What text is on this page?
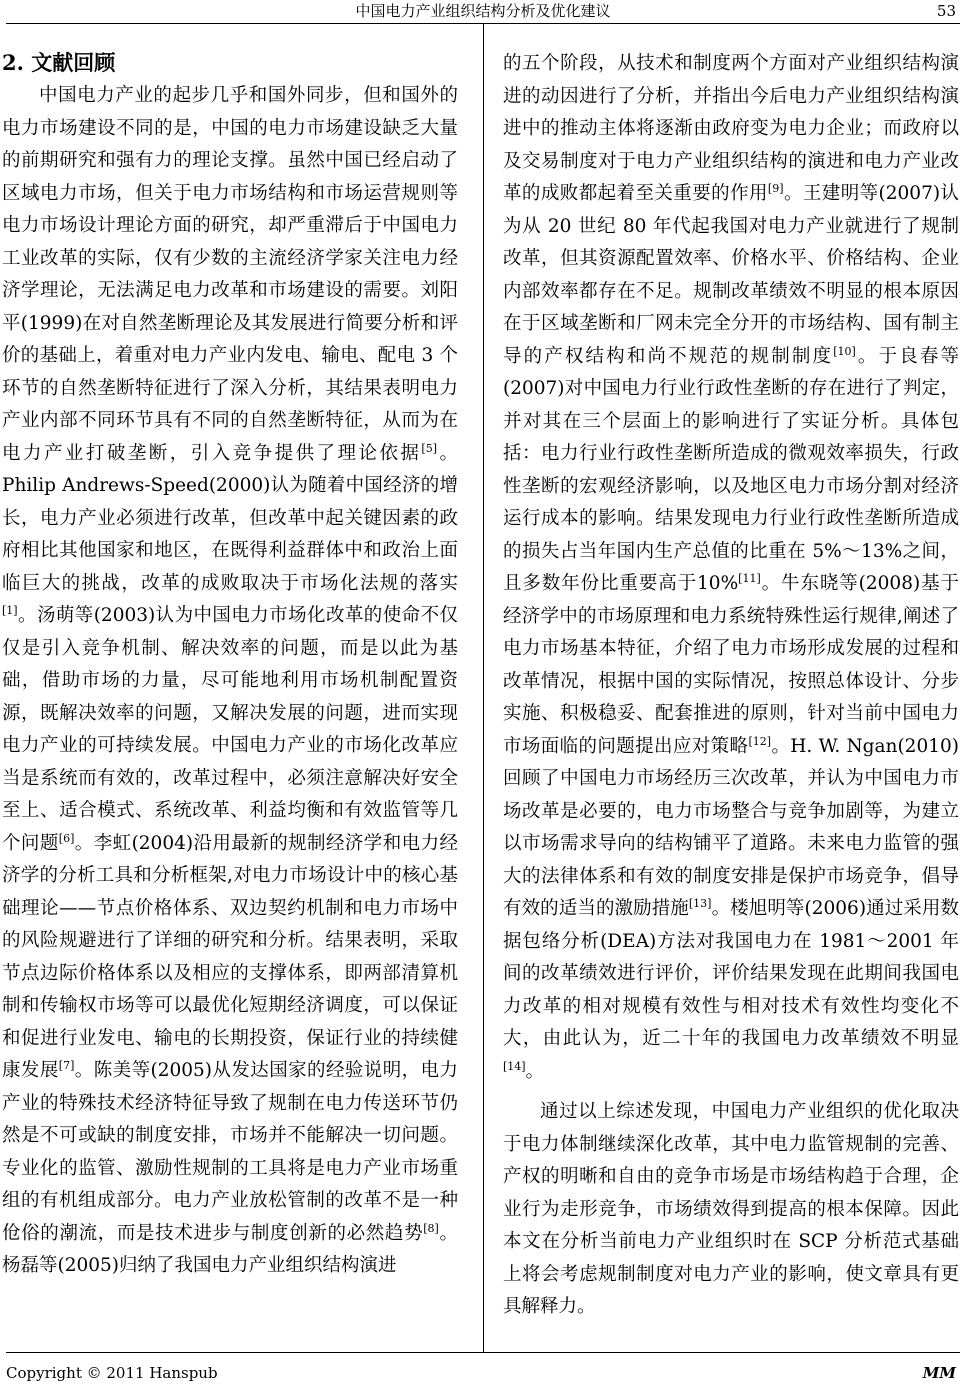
中国电力产业组织结构分析及优化建议	53
2. 文献回顾

中国电力产业的起步几乎和国外同步，但和国外的电力市场建设不同的是，中国的电力市场建设缺乏大量的前期研究和强有力的理论支撑。虽然中国已经启动了区域电力市场，但关于电力市场结构和市场运营规则等电力市场设计理论方面的研究，却严重滞后于中国电力工业改革的实际，仅有少数的主流经济学家关注电力经济学理论，无法满足电力改革和市场建设的需要。刘阳平(1999)在对自然垄断理论及其发展进行简要分析和评价的基础上，着重对电力产业内发电、输电、配电 3 个环节的自然垄断特征进行了深入分析，其结果表明电力产业内部不同环节具有不同的自然垄断特征，从而为在电力产业打破垄断，引入竞争提供了理论依据[5]。Philip Andrews-Speed(2000)认为随着中国经济的增长，电力产业必须进行改革，但改革中起关键因素的政府相比其他国家和地区，在既得利益群体中和政治上面临巨大的挑战，改革的成败取决于市场化法规的落实[1]。汤萌等(2003)认为中国电力市场化改革的使命不仅仅是引入竞争机制、解决效率的问题，而是以此为基础，借助市场的力量，尽可能地利用市场机制配置资源，既解决效率的问题，又解决发展的问题，进而实现电力产业的可持续发展。中国电力产业的市场化改革应当是系统而有效的，改革过程中，必须注意解决好安全至上、适合模式、系统改革、利益均衡和有效监管等几个问题[6]。李虹(2004)沿用最新的规制经济学和电力经济学的分析工具和分析框架,对电力市场设计中的核心基础理论——节点价格体系、双边契约机制和电力市场中的风险规避进行了详细的研究和分析。结果表明，采取节点边际价格体系以及相应的支撑体系，即两部清算机制和传输权市场等可以最优化短期经济调度，可以保证和促进行业发电、输电的长期投资，保证行业的持续健康发展[7]。陈美等(2005)从发达国家的经验说明，电力产业的特殊技术经济特征导致了规制在电力传送环节仍然是不可或缺的制度安排，市场并不能解决一切问题。专业化的监管、激励性规制的工具将是电力产业市场重组的有机组成部分。电力产业放松管制的改革不是一种伧俗的潮流，而是技术进步与制度创新的必然趋势[8]。杨磊等(2005)归纳了我国电力产业组织结构演进

的五个阶段，从技术和制度两个方面对产业组织结构演进的动因进行了分析，并指出今后电力产业组织结构演进中的推动主体将逐渐由政府变为电力企业；而政府以及交易制度对于电力产业组织结构的演进和电力产业改革的成败都起着至关重要的作用[9]。王建明等(2007)认为从 20 世纪 80 年代起我国对电力产业就进行了规制改革，但其资源配置效率、价格水平、价格结构、企业内部效率都存在不足。规制改革绩效不明显的根本原因在于区域垄断和厂网未完全分开的市场结构、国有制主导的产权结构和尚不规范的规制制度[10]。于良春等(2007)对中国电力行业行政性垄断的存在进行了判定，并对其在三个层面上的影响进行了实证分析。具体包括：电力行业行政性垄断所造成的微观效率损失，行政性垄断的宏观经济影响，以及地区电力市场分割对经济运行成本的影响。结果发现电力行业行政性垄断所造成的损失占当年国内生产总值的比重在 5%～13%之间，且多数年份比重要高于10%[11]。牛东晓等(2008)基于经济学中的市场原理和电力系统特殊性运行规律,阐述了电力市场基本特征，介绍了电力市场形成发展的过程和改革情况，根据中国的实际情况，按照总体设计、分步实施、积极稳妥、配套推进的原则，针对当前中国电力市场面临的问题提出应对策略[12]。H. W. Ngan(2010)回顾了中国电力市场经历三次改革，并认为中国电力市场改革是必要的，电力市场整合与竞争加剧等，为建立以市场需求导向的结构铺平了道路。未来电力监管的强大的法律体系和有效的制度安排是保护市场竞争，倡导有效的适当的激励措施[13]。楼旭明等(2006)通过采用数据包络分析(DEA)方法对我国电力在 1981～2001 年间的改革绩效进行评价，评价结果发现在此期间我国电力改革的相对规模有效性与相对技术有效性均变化不大，由此认为，近二十年的我国电力改革绩效不明显[14]。

通过以上综述发现，中国电力产业组织的优化取决于电力体制继续深化改革，其中电力监管规制的完善、产权的明晰和自由的竞争市场是市场结构趋于合理，企业行为走形竞争，市场绩效得到提高的根本保障。因此本文在分析当前电力产业组织时在 SCP 分析范式基础上将会考虑规制制度对电力产业的影响，使文章具有更具解释力。

Copyright © 2011 Hanspub	MM
